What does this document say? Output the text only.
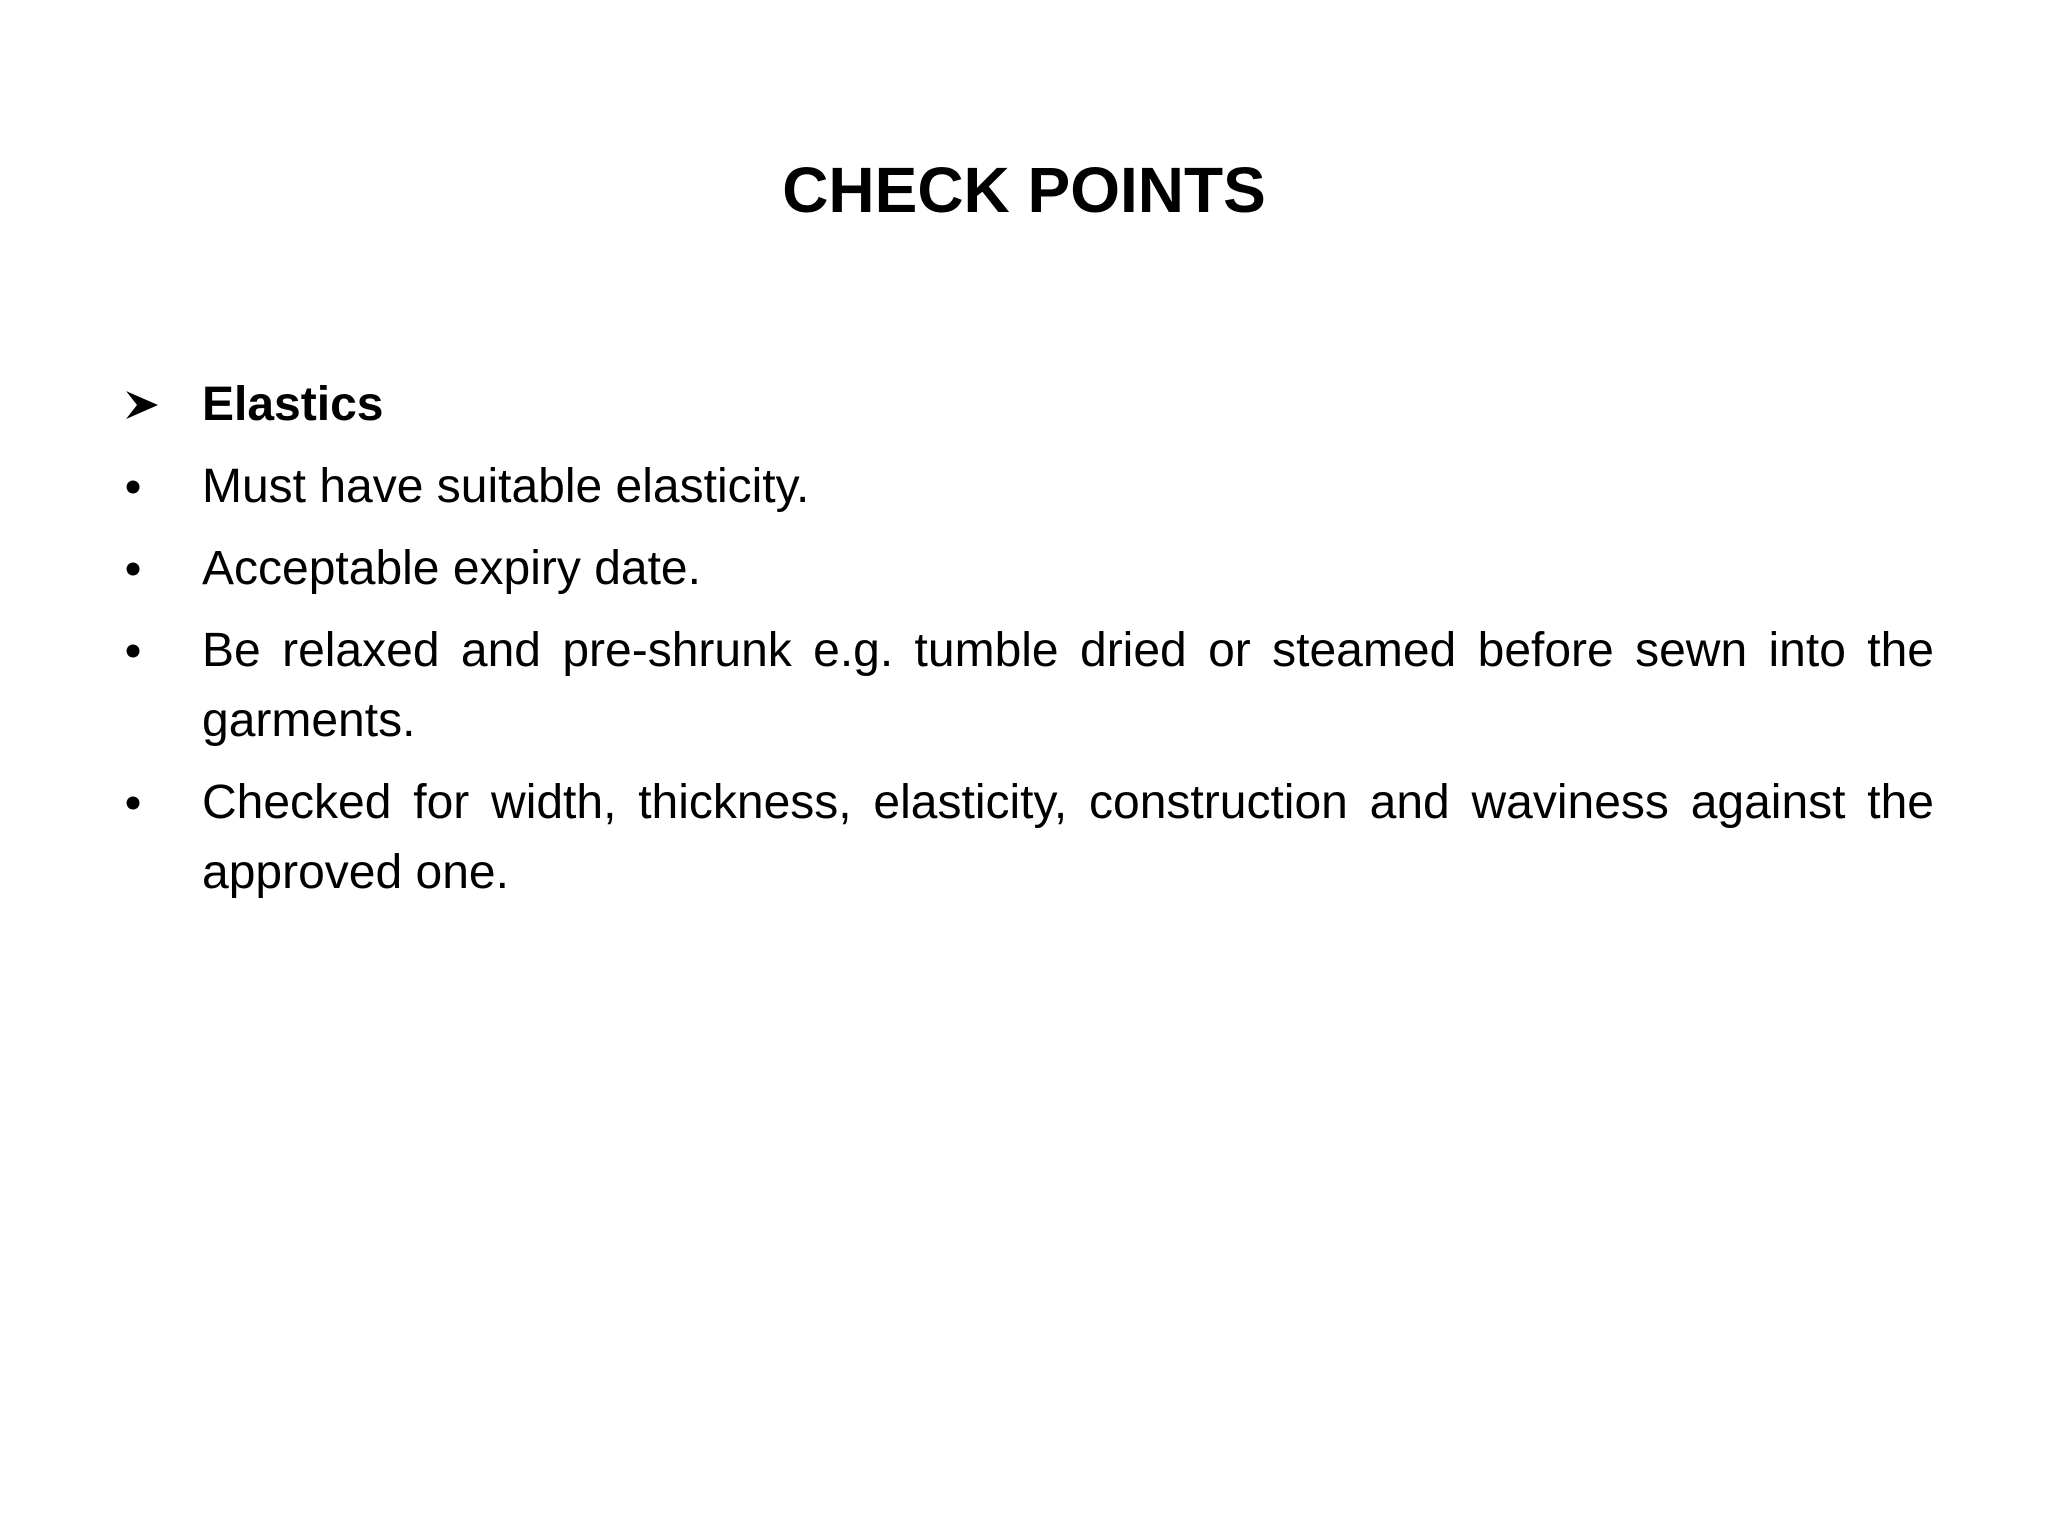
CHECK POINTS
Elastics
Must have suitable elasticity.
Acceptable expiry date.
Be relaxed and pre-shrunk e.g. tumble dried or steamed before sewn into the garments.
Checked for width, thickness, elasticity, construction and waviness against the approved one.
